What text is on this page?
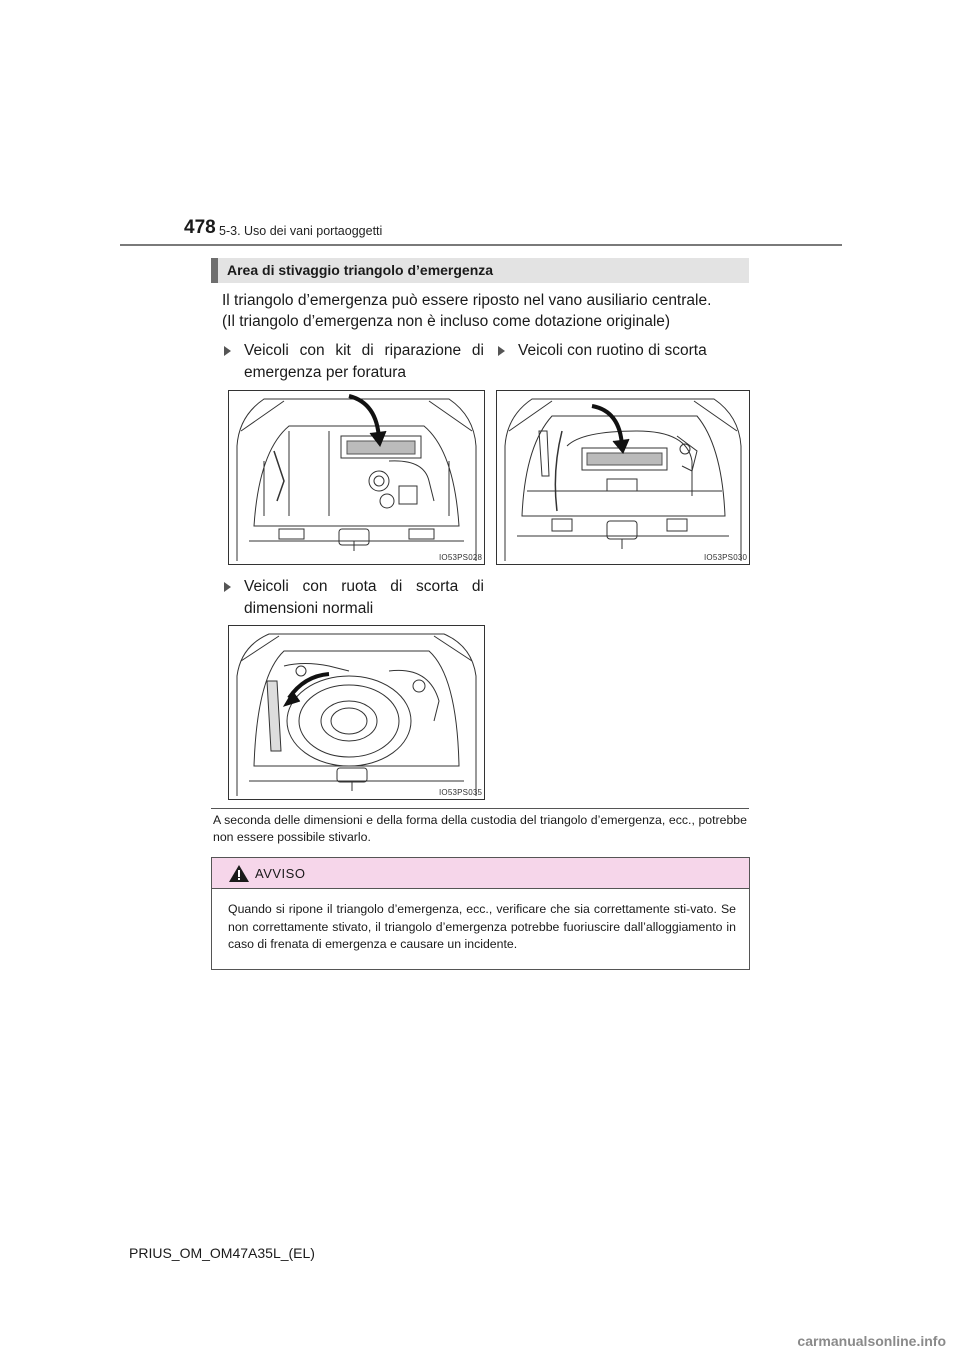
478 5-3. Uso dei vani portaoggetti
Area di stivaggio triangolo d’emergenza
Il triangolo d’emergenza può essere riposto nel vano ausiliario centrale.
(Il triangolo d’emergenza non è incluso come dotazione originale)
Veicoli con kit di riparazione di emergenza per foratura
Veicoli con ruotino di scorta
IO53PS028	IO53PS030
Veicoli con ruota di scorta di dimensioni normali
IO53PS035
A seconda delle dimensioni e della forma della custodia del triangolo d’emergenza, ecc., potrebbe non essere possibile stivarlo.
AVVISO
Quando si ripone il triangolo d’emergenza, ecc., verificare che sia correttamente sti-vato. Se non correttamente stivato, il triangolo d’emergenza potrebbe fuoriuscire dall’alloggiamento in caso di frenata di emergenza e causare un incidente.
PRIUS_OM_OM47A35L_(EL)
carmanualsonline.info
